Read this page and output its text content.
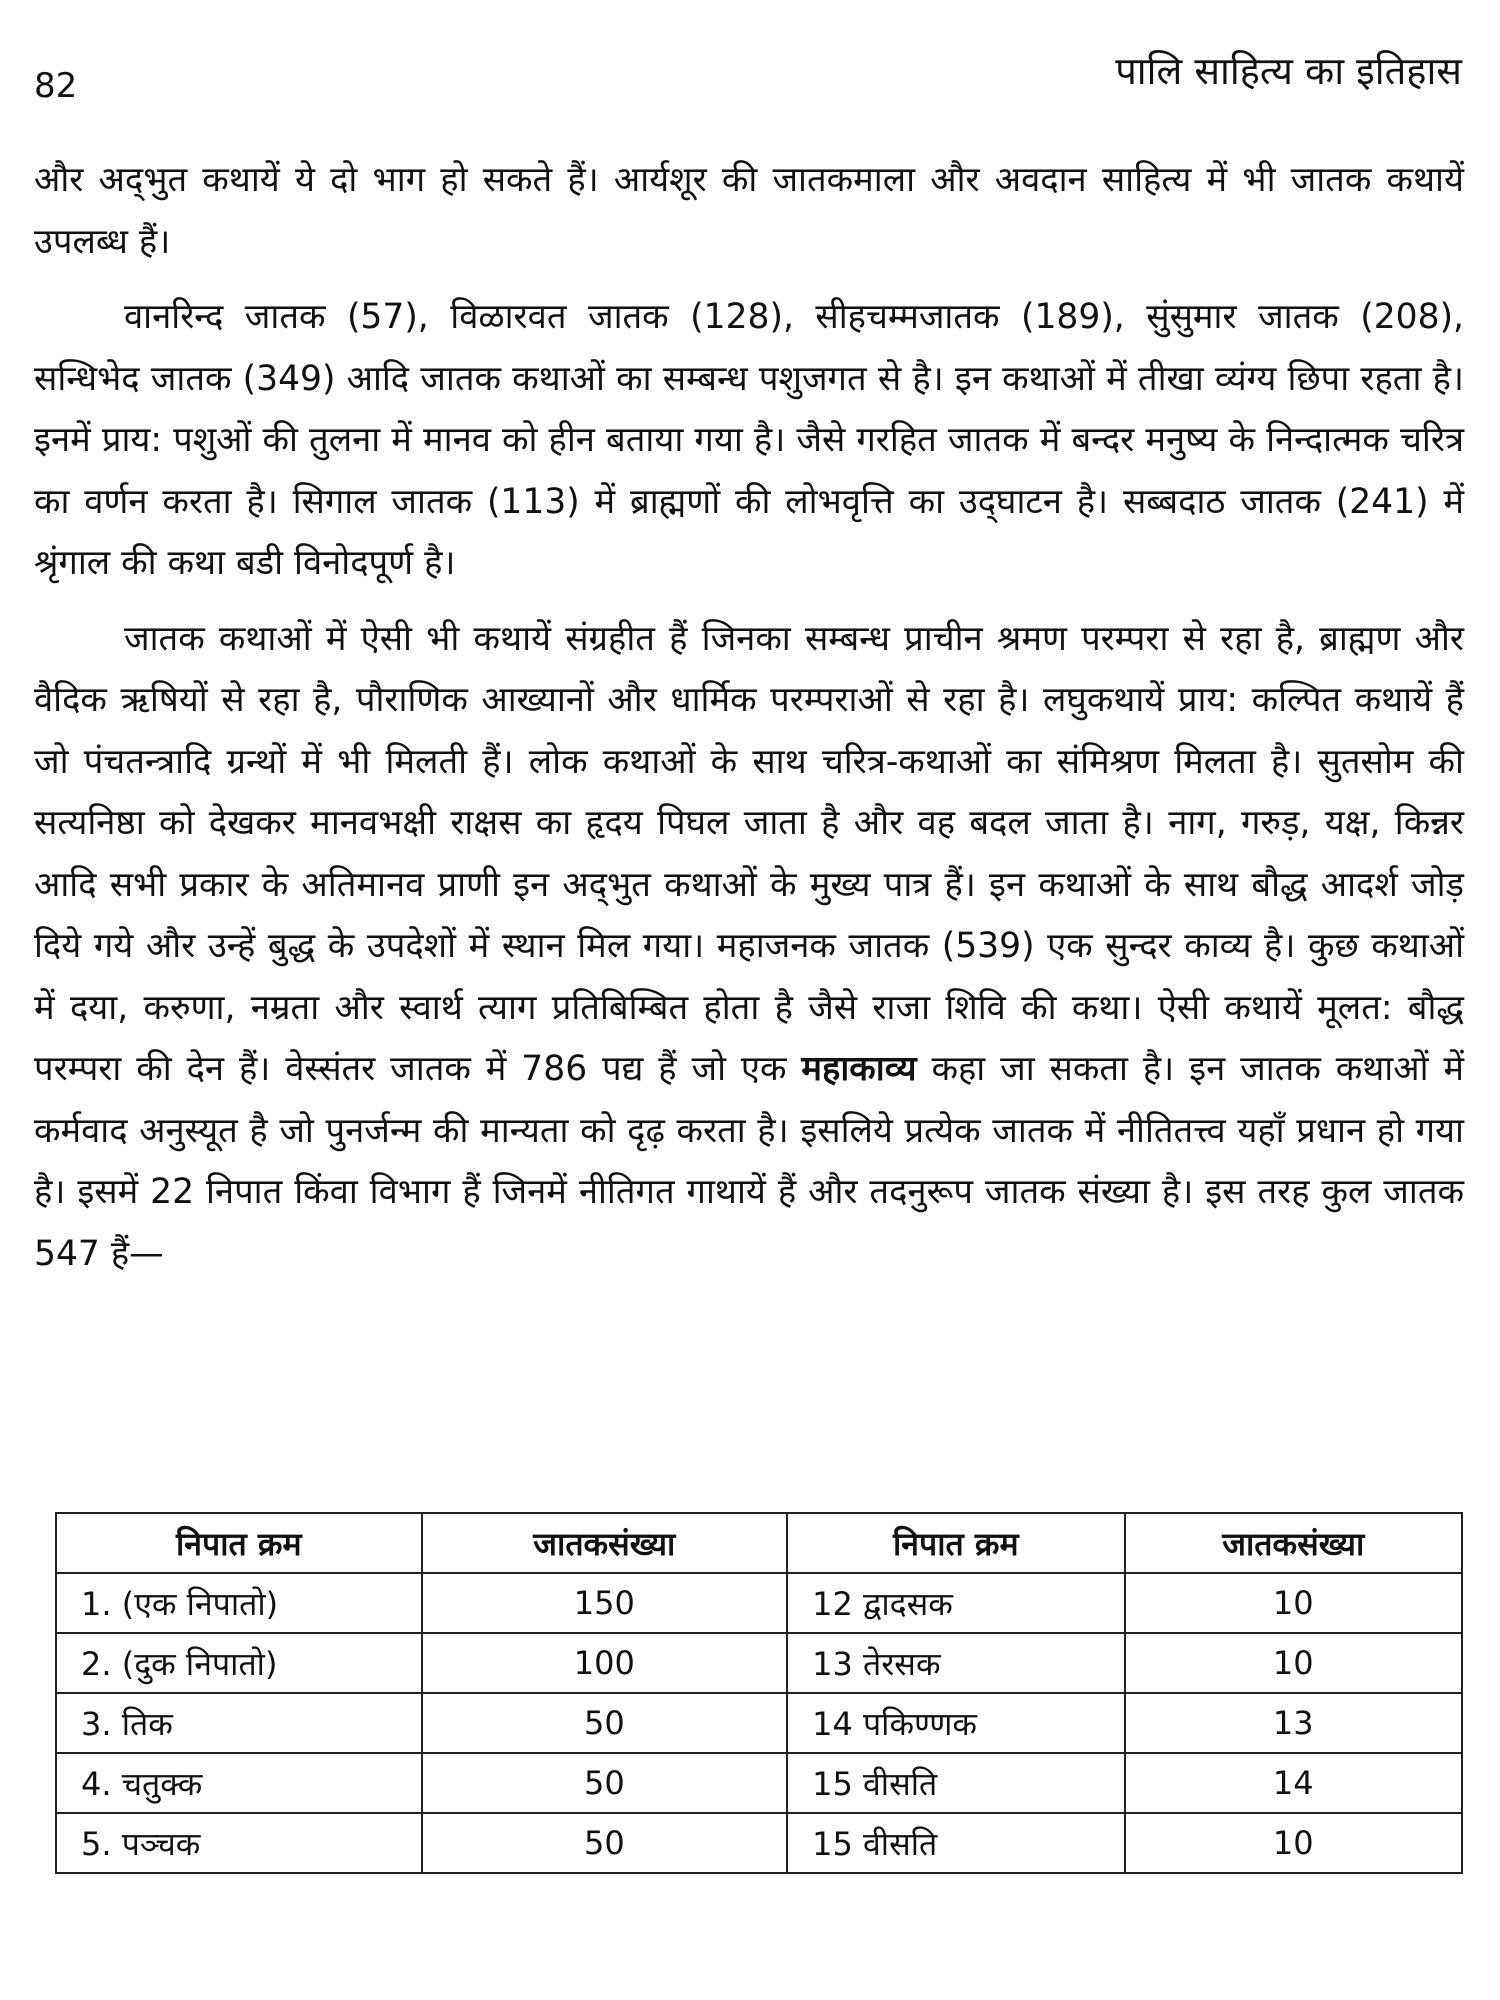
82	पालि साहित्य का इतिहास

और अद्‌भुत कथायें ये दो भाग हो सकते हैं। आर्यशूर की जातकमाला और अवदान साहित्य में भी जातक कथायें उपलब्ध हैं।

वानरिन्द जातक (57), विळारवत जातक (128), सीहचम्मजातक (189), सुंसुमार जातक (208), सन्धिभेद जातक (349) आदि जातक कथाओं का सम्बन्ध पशुजगत से है। इन कथाओं में तीखा व्यंग्य छिपा रहता है। इनमें प्राय: पशुओं की तुलना में मानव को हीन बताया गया है। जैसे गरहित जातक में बन्दर मनुष्य के निन्दात्मक चरित्र का वर्णन करता है। सिगाल जातक (113) में ब्राह्मणों की लोभवृत्ति का उद्‌घाटन है। सब्बदाठ जातक (241) में श्रृंगाल की कथा बडी विनोदपूर्ण है।

जातक कथाओं में ऐसी भी कथायें संग्रहीत हैं जिनका सम्बन्ध प्राचीन श्रमण परम्परा से रहा है, ब्राह्मण और वैदिक ऋषियों से रहा है, पौराणिक आख्यानों और धार्मिक परम्पराओं से रहा है। लघुकथायें प्राय: कल्पित कथायें हैं जो पंचतन्त्रादि ग्रन्थों में भी मिलती हैं। लोक कथाओं के साथ चरित्र-कथाओं का संमिश्रण मिलता है। सुतसोम की सत्यनिष्ठा को देखकर मानवभक्षी राक्षस का हृदय पिघल जाता है और वह बदल जाता है। नाग, गरुड़, यक्ष, किन्नर आदि सभी प्रकार के अतिमानव प्राणी इन अद्‌भुत कथाओं के मुख्य पात्र हैं। इन कथाओं के साथ बौद्ध आदर्श जोड़ दिये गये और उन्हें बुद्ध के उपदेशों में स्थान मिल गया। महाजनक जातक (539) एक सुन्दर काव्य है। कुछ कथाओं में दया, करुणा, नम्रता और स्वार्थ त्याग प्रतिबिम्बित होता है जैसे राजा शिवि की कथा। ऐसी कथायें मूलत: बौद्ध परम्परा की देन हैं। वेस्संतर जातक में 786 पद्य हैं जो एक महाकाव्य कहा जा सकता है। इन जातक कथाओं में कर्मवाद अनुस्यूत है जो पुनर्जन्म की मान्यता को दृढ़ करता है। इसलिये प्रत्येक जातक में नीतितत्त्व यहाँ प्रधान हो गया है। इसमें 22 निपात किंवा विभाग हैं जिनमें नीतिगत गाथायें हैं और तदनुरूप जातक संख्या है। इस तरह कुल जातक 547 हैं—

निपात क्रम	जातकसंख्या	निपात क्रम	जातकसंख्या
1. (एक निपातो)	150	12 द्वादसक	10
2. (दुक निपातो)	100	13 तेरसक	10
3. तिक	50	14 पकिण्णक	13
4. चतुक्क	50	15 वीसति	14
5. पञ्चक	50	15 वीसति	10
